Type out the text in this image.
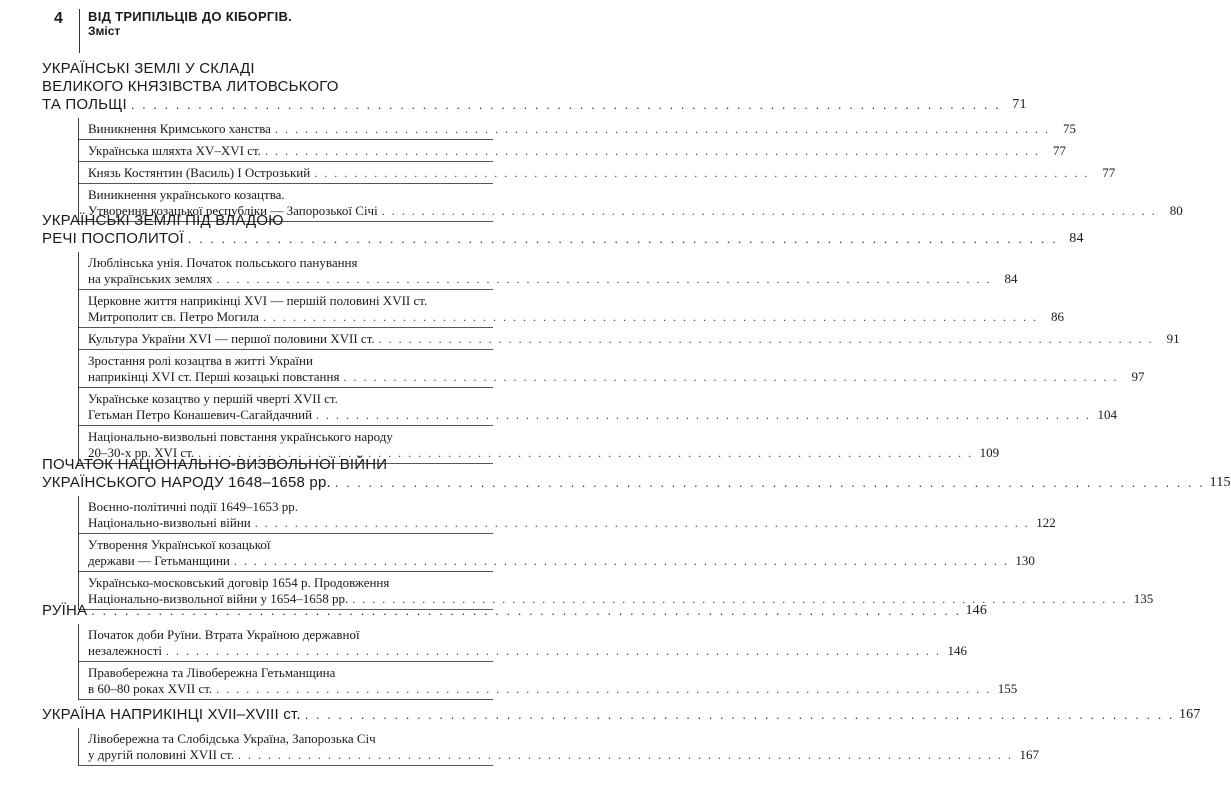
4 ВІД ТРИПІЛЬЦІВ ДО КІБОРГІВ.
Зміст
УКРАЇНСЬКІ ЗЕМЛІ У СКЛАДІ
ВЕЛИКОГО КНЯЗІВСТВА ЛИТОВСЬКОГО
ТА ПОЛЬЩІ . . . . . . . . . . . . . . . . . . . . . . . . . . . . . . . . . . . . . . . . . . . . . . . . . . . . . . . . . . . . . . . . . . . . . . . . . . . . . . 71
Виникнення Кримського ханства . . . . . . . . . . . . . . . . . . . . . . . . . . . . . . . . . . . . . . . . . . . . . . . . . . . . . . . . . . . . . . . . . . . . . . . . . . . . . .	75
Українська шляхта XV–XVI ст. . . . . . . . . . . . . . . . . . . . . . . . . . . . . . . . . . . . . . . . . . . . . . . . . . . . . . . . . . . . . . . . . . . . . . . . . . . . . . .	77
Князь Костянтин (Василь) І Острозький . . . . . . . . . . . . . . . . . . . . . . . . . . . . . . . . . . . . . . . . . . . . . . . . . . . . . . . . . . . . . . . . . . . . . . . . . . . . . .	77
Виникнення українського козацтва.
Утворення козацької республіки — Запорозької Січі . . . . . . . . . . . . . . . . . . . . . . . . . . . . . . . . . . . . . . . . . . . . . . . . . . . . . . . . . . . . . . . . . . . . . . . . . . . . . .	80
УКРАЇНСЬКІ ЗЕМЛІ ПІД ВЛАДОЮ
РЕЧІ ПОСПОЛИТОЇ . . . . . . . . . . . . . . . . . . . . . . . . . . . . . . . . . . . . . . . . . . . . . . . . . . . . . . . . . . . . . . . . . . . . . . . . . . . . . . 84
Люблінська унія. Початок польського панування
на українських землях . . . . . . . . . . . . . . . . . . . . . . . . . . . . . . . . . . . . . . . . . . . . . . . . . . . . . . . . . . . . . . . . . . . . . . . . . . . . . .	84
Церковне життя наприкінці XVI — першій половині XVII ст.
Митрополит св. Петро Могила . . . . . . . . . . . . . . . . . . . . . . . . . . . . . . . . . . . . . . . . . . . . . . . . . . . . . . . . . . . . . . . . . . . . . . . . . . . . . .	86
Культура України XVI — першої половини XVII ст. . . . . . . . . . . . . . . . . . . . . . . . . . . . . . . . . . . . . . . . . . . . . . . . . . . . . . . . . . . . . . . . . . . . . . . . . . . . . . .	91
Зростання ролі козацтва в житті України
наприкінці XVI ст. Перші козацькі повстання . . . . . . . . . . . . . . . . . . . . . . . . . . . . . . . . . . . . . . . . . . . . . . . . . . . . . . . . . . . . . . . . . . . . . . . . . . . . . .	97
Українське козацтво у першій чверті XVII ст.
Гетьман Петро Конашевич-Сагайдачний . . . . . . . . . . . . . . . . . . . . . . . . . . . . . . . . . . . . . . . . . . . . . . . . . . . . . . . . . . . . . . . . . . . . . . . . . . . . . . 104
Національно-визвольні повстання українського народу
20–30-х рр. XVI ст. . . . . . . . . . . . . . . . . . . . . . . . . . . . . . . . . . . . . . . . . . . . . . . . . . . . . . . . . . . . . . . . . . . . . . . . . . . . . . . 109
ПОЧАТОК НАЦІОНАЛЬНО-ВИЗВОЛЬНОЇ ВІЙНИ
УКРАЇНСЬКОГО НАРОДУ 1648–1658 рр. . . . . . . . . . . . . . . . . . . . . . . . . . . . . . . . . . . . . . . . . . . . . . . . . . . . . . . . . . . . . . . . . . . . . . . . . . . . . . . 115
Воєнно-політичні події 1649–1653 рр.
Національно-визвольні війни . . . . . . . . . . . . . . . . . . . . . . . . . . . . . . . . . . . . . . . . . . . . . . . . . . . . . . . . . . . . . . . . . . . . . . . . . . . . . . 122
Утворення Української козацької
держави — Гетьманщини . . . . . . . . . . . . . . . . . . . . . . . . . . . . . . . . . . . . . . . . . . . . . . . . . . . . . . . . . . . . . . . . . . . . . . . . . . . . . . 130
Українсько-московський договір 1654 р. Продовження
Національно-визвольної війни у 1654–1658 рр. . . . . . . . . . . . . . . . . . . . . . . . . . . . . . . . . . . . . . . . . . . . . . . . . . . . . . . . . . . . . . . . . . . . . . . . . . . . . . . 135
РУЇНА . . . . . . . . . . . . . . . . . . . . . . . . . . . . . . . . . . . . . . . . . . . . . . . . . . . . . . . . . . . . . . . . . . . . . . . . . . . . . . 146
Початок доби Руїни. Втрата Україною державної
незалежності . . . . . . . . . . . . . . . . . . . . . . . . . . . . . . . . . . . . . . . . . . . . . . . . . . . . . . . . . . . . . . . . . . . . . . . . . . . . . . 146
Правобережна та Лівобережна Гетьманщина
в 60–80 роках XVII ст. . . . . . . . . . . . . . . . . . . . . . . . . . . . . . . . . . . . . . . . . . . . . . . . . . . . . . . . . . . . . . . . . . . . . . . . . . . . . . . 155
УКРАЇНА НАПРИКІНЦІ XVII–XVIII ст. . . . . . . . . . . . . . . . . . . . . . . . . . . . . . . . . . . . . . . . . . . . . . . . . . . . . . . . . . . . . . . . . . . . . . . . . . . . . . . 167
Лівобережна та Слобідська Україна, Запорозька Січ
у другій половині XVII ст. . . . . . . . . . . . . . . . . . . . . . . . . . . . . . . . . . . . . . . . . . . . . . . . . . . . . . . . . . . . . . . . . . . . . . . . . . . . . . . 167
